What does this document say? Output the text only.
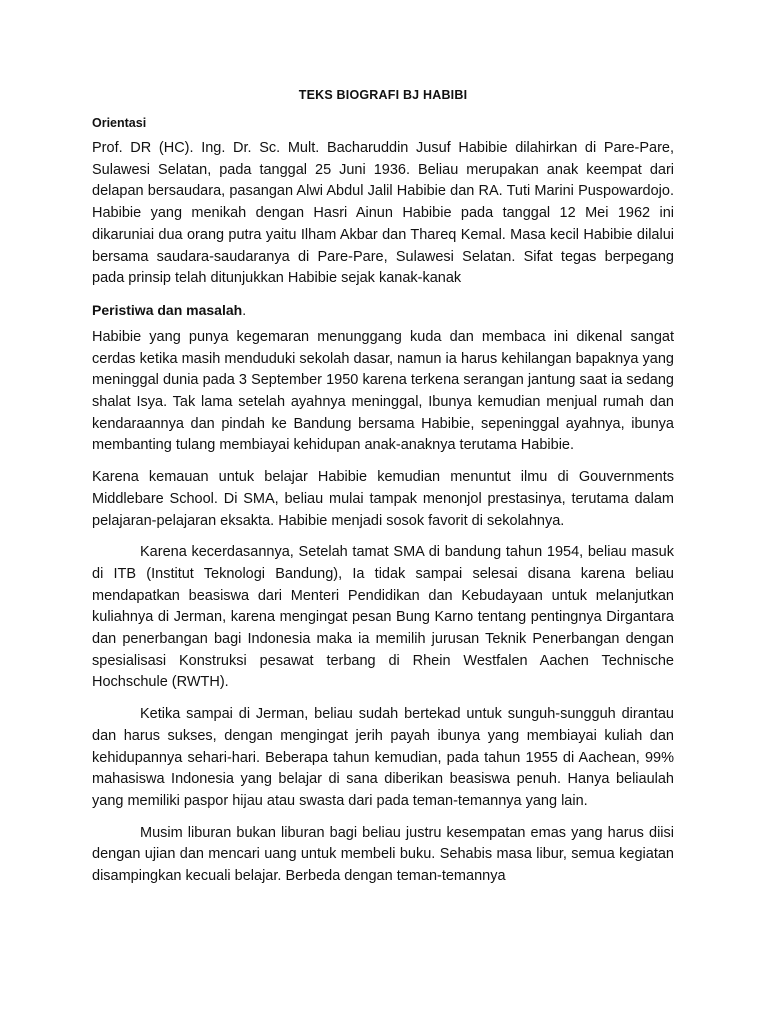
TEKS BIOGRAFI BJ HABIBI
Orientasi

Prof. DR (HC). Ing. Dr. Sc. Mult. Bacharuddin Jusuf Habibie dilahirkan di Pare-Pare, Sulawesi Selatan, pada tanggal 25 Juni 1936. Beliau merupakan anak keempat dari delapan bersaudara, pasangan Alwi Abdul Jalil Habibie dan RA. Tuti Marini Puspowardojo. Habibie yang menikah dengan Hasri Ainun Habibie pada tanggal 12 Mei 1962 ini dikaruniai dua orang putra yaitu Ilham Akbar dan Thareq Kemal. Masa kecil Habibie dilalui bersama saudara-saudaranya di Pare-Pare, Sulawesi Selatan. Sifat tegas berpegang pada prinsip telah ditunjukkan Habibie sejak kanak-kanak

Peristiwa dan masalah.

Habibie yang punya kegemaran menunggang kuda dan membaca ini dikenal sangat cerdas ketika masih menduduki sekolah dasar, namun ia harus kehilangan bapaknya yang meninggal dunia pada 3 September 1950 karena terkena serangan jantung saat ia sedang shalat Isya. Tak lama setelah ayahnya meninggal, Ibunya kemudian menjual rumah dan kendaraannya dan pindah ke Bandung bersama Habibie, sepeninggal ayahnya, ibunya membanting tulang membiayai kehidupan anak-anaknya terutama Habibie.

Karena kemauan untuk belajar Habibie kemudian menuntut ilmu di Gouvernments Middlebare School. Di SMA, beliau mulai tampak menonjol prestasinya, terutama dalam pelajaran-pelajaran eksakta. Habibie menjadi sosok favorit di sekolahnya.

Karena kecerdasannya, Setelah tamat SMA di bandung tahun 1954, beliau masuk di ITB (Institut Teknologi Bandung), Ia tidak sampai selesai disana karena beliau mendapatkan beasiswa dari Menteri Pendidikan dan Kebudayaan untuk melanjutkan kuliahnya di Jerman, karena mengingat pesan Bung Karno tentang pentingnya Dirgantara dan penerbangan bagi Indonesia maka ia memilih jurusan Teknik Penerbangan dengan spesialisasi Konstruksi pesawat terbang di Rhein Westfalen Aachen Technische Hochschule (RWTH).

Ketika sampai di Jerman, beliau sudah bertekad untuk sunguh-sungguh dirantau dan harus sukses, dengan mengingat jerih payah ibunya yang membiayai kuliah dan kehidupannya sehari-hari. Beberapa tahun kemudian, pada tahun 1955 di Aachean, 99% mahasiswa Indonesia yang belajar di sana diberikan beasiswa penuh. Hanya beliaulah yang memiliki paspor hijau atau swasta dari pada teman-temannya yang lain.

Musim liburan bukan liburan bagi beliau justru kesempatan emas yang harus diisi dengan ujian dan mencari uang untuk membeli buku. Sehabis masa libur, semua kegiatan disampingkan kecuali belajar. Berbeda dengan teman-temannya
